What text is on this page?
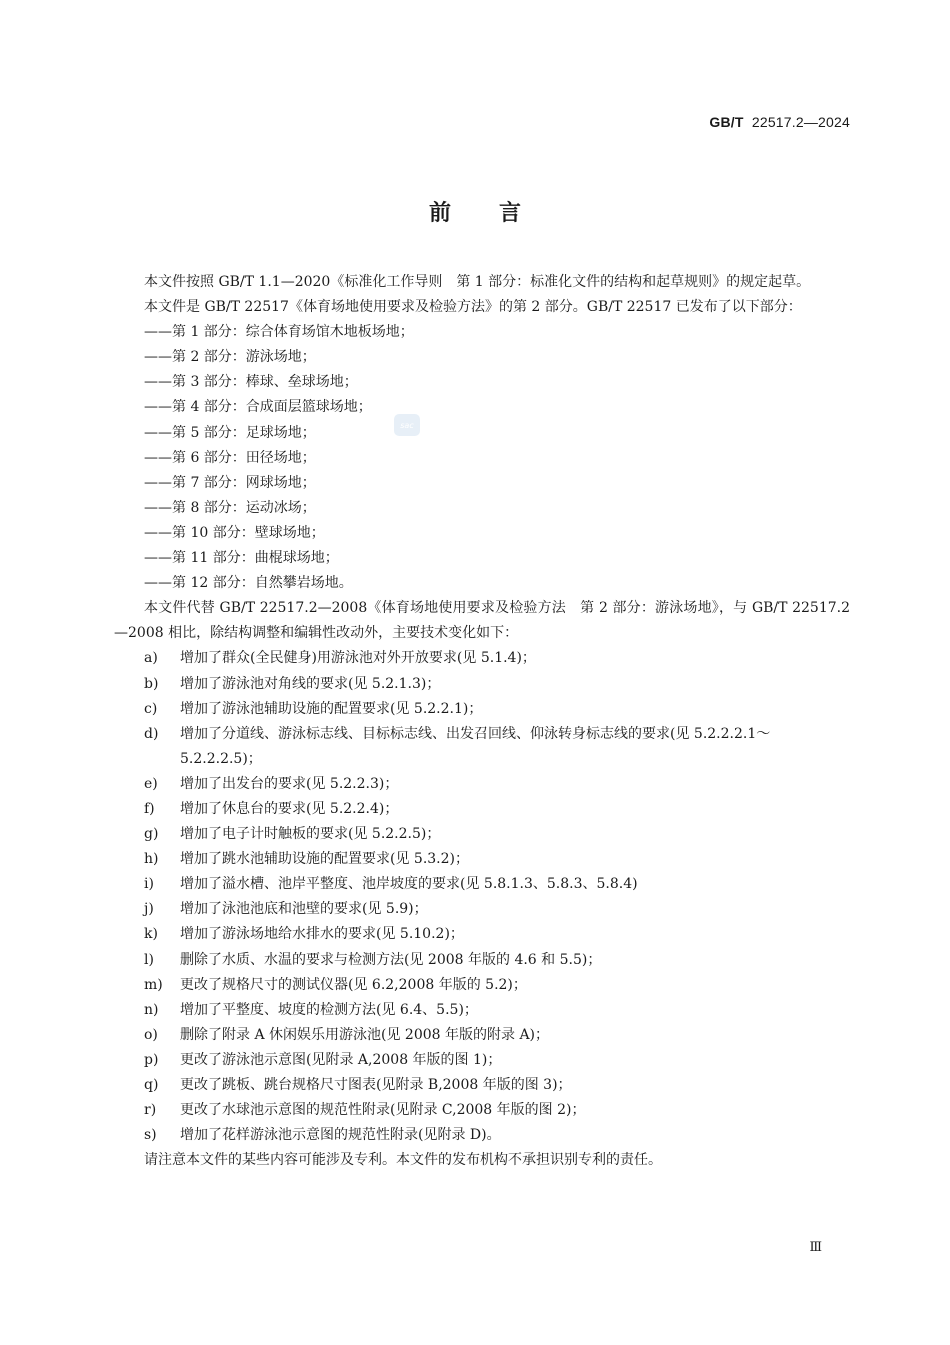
GB/T 22517.2—2024
前言
sac

本文件按照 GB/T 1.1—2020《标准化工作导则　第 1 部分：标准化文件的结构和起草规则》的规定起草。

本文件是 GB/T 22517《体育场地使用要求及检验方法》的第 2 部分。GB/T 22517 已发布了以下部分：

——第 1 部分：综合体育场馆木地板场地；

——第 2 部分：游泳场地；

——第 3 部分：棒球、垒球场地；

——第 4 部分：合成面层篮球场地；

——第 5 部分：足球场地；

——第 6 部分：田径场地；

——第 7 部分：网球场地；

——第 8 部分：运动冰场；

——第 10 部分：壁球场地；

——第 11 部分：曲棍球场地；

——第 12 部分：自然攀岩场地。

本文件代替 GB/T 22517.2—2008《体育场地使用要求及检验方法　第 2 部分：游泳场地》，与 GB/T 22517.2—2008 相比，除结构调整和编辑性改动外，主要技术变化如下：

a) 增加了群众(全民健身)用游泳池对外开放要求(见 5.1.4)；

b) 增加了游泳池对角线的要求(见 5.2.1.3)；

c) 增加了游泳池辅助设施的配置要求(见 5.2.2.1)；

d) 增加了分道线、游泳标志线、目标标志线、出发召回线、仰泳转身标志线的要求(见 5.2.2.2.1～5.2.2.2.5)；

e) 增加了出发台的要求(见 5.2.2.3)；

f) 增加了休息台的要求(见 5.2.2.4)；

g) 增加了电子计时触板的要求(见 5.2.2.5)；

h) 增加了跳水池辅助设施的配置要求(见 5.3.2)；

i) 增加了溢水槽、池岸平整度、池岸坡度的要求(见 5.8.1.3、5.8.3、5.8.4)

j) 增加了泳池池底和池壁的要求(见 5.9)；

k) 增加了游泳场地给水排水的要求(见 5.10.2)；

l) 删除了水质、水温的要求与检测方法(见 2008 年版的 4.6 和 5.5)；

m) 更改了规格尺寸的测试仪器(见 6.2,2008 年版的 5.2)；

n) 增加了平整度、坡度的检测方法(见 6.4、5.5)；

o) 删除了附录 A 休闲娱乐用游泳池(见 2008 年版的附录 A)；

p) 更改了游泳池示意图(见附录 A,2008 年版的图 1)；

q) 更改了跳板、跳台规格尺寸图表(见附录 B,2008 年版的图 3)；

r) 更改了水球池示意图的规范性附录(见附录 C,2008 年版的图 2)；

s) 增加了花样游泳池示意图的规范性附录(见附录 D)。

请注意本文件的某些内容可能涉及专利。本文件的发布机构不承担识别专利的责任。

Ⅲ
